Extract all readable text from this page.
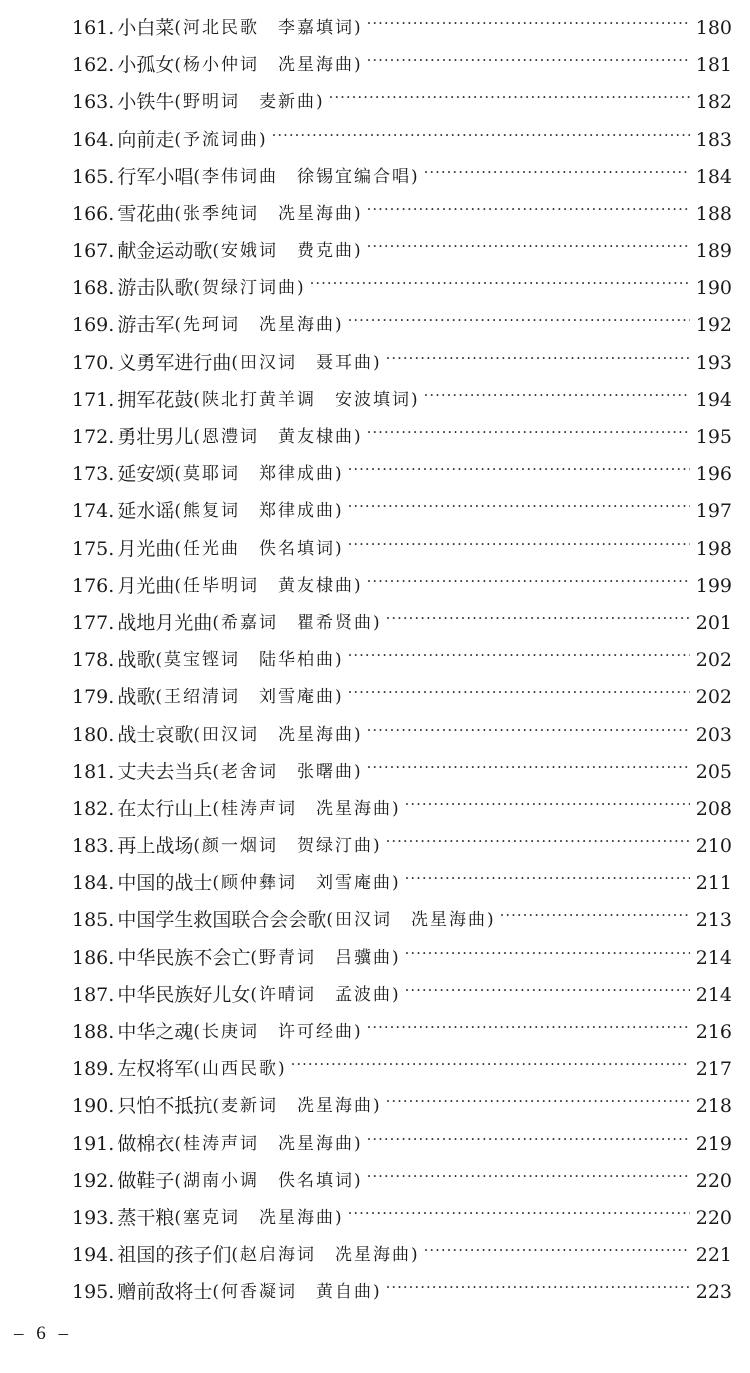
161. 小白菜 (河北民歌　李嘉填词) ·····	180
162. 小孤女 (杨小仲词　冼星海曲) ·····	181
163. 小铁牛 (野明词　麦新曲) ·····	182
164. 向前走 (予流词曲) ·····	183
165. 行军小唱 (李伟词曲　徐锡宜编合唱) ·····	184
166. 雪花曲 (张季纯词　冼星海曲) ·····	188
167. 献金运动歌 (安娥词　费克曲) ·····	189
168. 游击队歌 (贺绿汀词曲) ·····	190
169. 游击军 (先珂词　冼星海曲) ·····	192
170. 义勇军进行曲 (田汉词　聂耳曲) ·····	193
171. 拥军花鼓 (陕北打黄羊调　安波填词) ·····	194
172. 勇壮男儿 (恩澧词　黄友棣曲) ·····	195
173. 延安颂 (莫耶词　郑律成曲) ·····	196
174. 延水谣 (熊复词　郑律成曲) ·····	197
175. 月光曲 (任光曲　佚名填词) ·····	198
176. 月光曲 (任毕明词　黄友棣曲) ·····	199
177. 战地月光曲 (希嘉词　瞿希贤曲) ·····	201
178. 战歌 (莫宝铿词　陆华柏曲) ·····	202
179. 战歌 (王绍清词　刘雪庵曲) ·····	202
180. 战士哀歌 (田汉词　冼星海曲) ·····	203
181. 丈夫去当兵 (老舍词　张曙曲) ·····	205
182. 在太行山上 (桂涛声词　冼星海曲) ·····	208
183. 再上战场 (颜一烟词　贺绿汀曲) ·····	210
184. 中国的战士 (顾仲彝词　刘雪庵曲) ·····	211
185. 中国学生救国联合会会歌 (田汉词　冼星海曲) ·····	213
186. 中华民族不会亡 (野青词　吕骥曲) ·····	214
187. 中华民族好儿女 (许晴词　孟波曲) ·····	214
188. 中华之魂 (长庚词　许可经曲) ·····	216
189. 左权将军 (山西民歌) ·····	217
190. 只怕不抵抗 (麦新词　冼星海曲) ·····	218
191. 做棉衣 (桂涛声词　冼星海曲) ·····	219
192. 做鞋子 (湖南小调　佚名填词) ·····	220
193. 蒸干粮 (塞克词　冼星海曲) ·····	220
194. 祖国的孩子们 (赵启海词　冼星海曲) ·····	221
195. 赠前敌将士 (何香凝词　黄自曲) ·····	223
– 6 –
